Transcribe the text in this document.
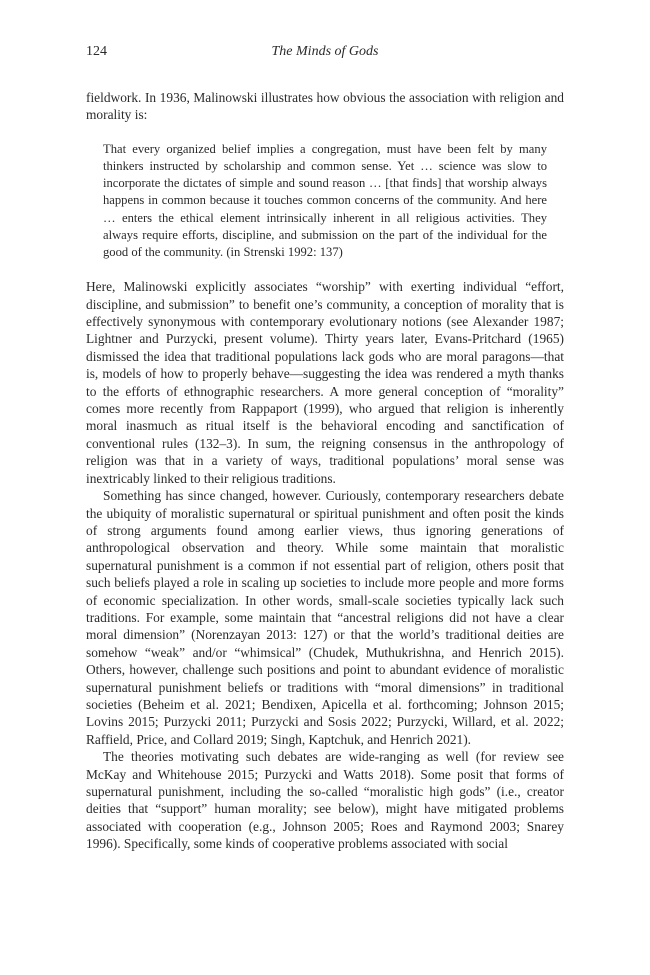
124	The Minds of Gods

fieldwork. In 1936, Malinowski illustrates how obvious the association with religion and morality is:

That every organized belief implies a congregation, must have been felt by many thinkers instructed by scholarship and common sense. Yet … science was slow to incorporate the dictates of simple and sound reason … [that finds] that worship always happens in common because it touches common concerns of the community. And here … enters the ethical element intrinsically inherent in all religious activities. They always require efforts, discipline, and submission on the part of the individual for the good of the community. (in Strenski 1992: 137)

Here, Malinowski explicitly associates “worship” with exerting individual “effort, discipline, and submission” to benefit one’s community, a conception of morality that is effectively synonymous with contemporary evolutionary notions (see Alexander 1987; Lightner and Purzycki, present volume). Thirty years later, Evans-Pritchard (1965) dismissed the idea that traditional populations lack gods who are moral paragons—that is, models of how to properly behave—suggesting the idea was rendered a myth thanks to the efforts of ethnographic researchers. A more general conception of “morality” comes more recently from Rappaport (1999), who argued that religion is inherently moral inasmuch as ritual itself is the behavioral encoding and sanctification of conventional rules (132–3). In sum, the reigning consensus in the anthropology of religion was that in a variety of ways, traditional populations’ moral sense was inextricably linked to their religious traditions.

Something has since changed, however. Curiously, contemporary researchers debate the ubiquity of moralistic supernatural or spiritual punishment and often posit the kinds of strong arguments found among earlier views, thus ignoring generations of anthropological observation and theory. While some maintain that moralistic supernatural punishment is a common if not essential part of religion, others posit that such beliefs played a role in scaling up societies to include more people and more forms of economic specialization. In other words, small-scale societies typically lack such traditions. For example, some maintain that “ancestral religions did not have a clear moral dimension” (Norenzayan 2013: 127) or that the world’s traditional deities are somehow “weak” and/or “whimsical” (Chudek, Muthukrishna, and Henrich 2015). Others, however, challenge such positions and point to abundant evidence of moralistic supernatural punishment beliefs or traditions with “moral dimensions” in traditional societies (Beheim et al. 2021; Bendixen, Apicella et al. forthcoming; Johnson 2015; Lovins 2015; Purzycki 2011; Purzycki and Sosis 2022; Purzycki, Willard, et al. 2022; Raffield, Price, and Collard 2019; Singh, Kaptchuk, and Henrich 2021).

The theories motivating such debates are wide-ranging as well (for review see McKay and Whitehouse 2015; Purzycki and Watts 2018). Some posit that forms of supernatural punishment, including the so-called “moralistic high gods” (i.e., creator deities that “support” human morality; see below), might have mitigated problems associated with cooperation (e.g., Johnson 2005; Roes and Raymond 2003; Snarey 1996). Specifically, some kinds of cooperative problems associated with social
